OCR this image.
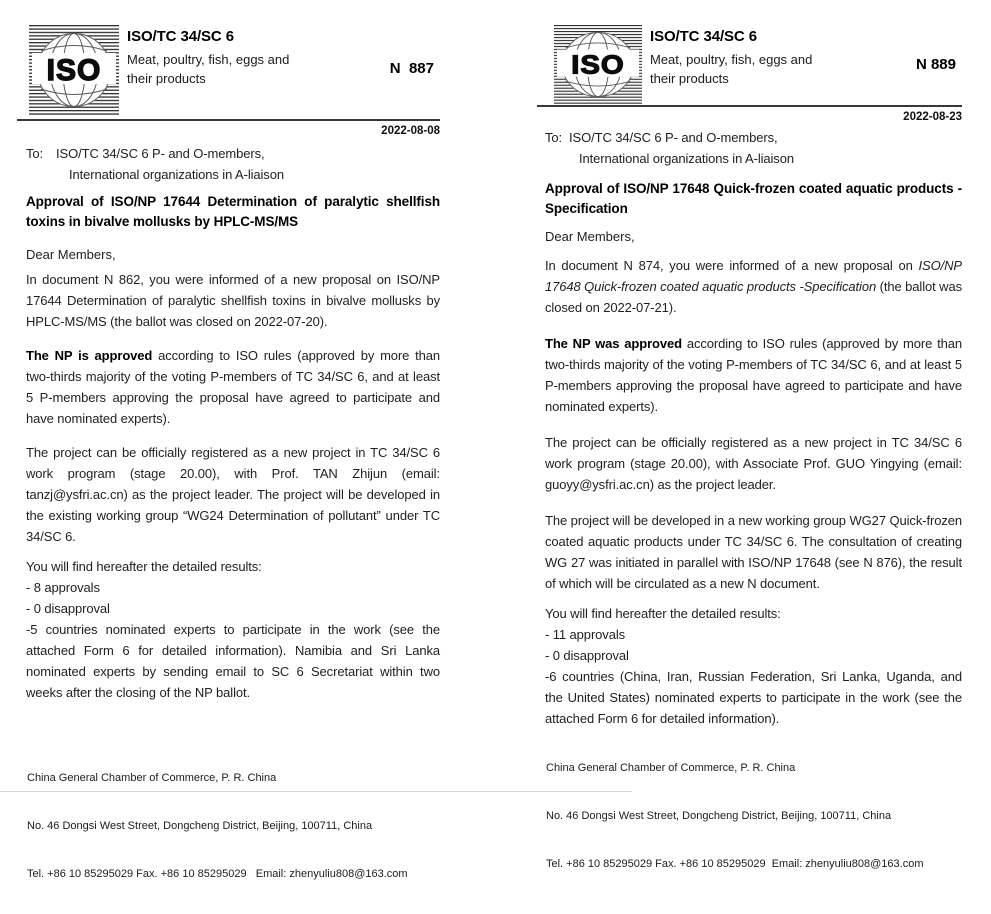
ISO
ISO/TC 34/SC 6
Meat, poultry, fish, eggs and
their products
N  887
2022-08-08
To: ISO/TC 34/SC 6 P- and O-members,
International organizations in A-liaison
Approval of ISO/NP 17644 Determination of paralytic shellfish toxins in bivalve mollusks by HPLC-MS/MS
Dear Members,

In document N 862, you were informed of a new proposal on ISO/NP 17644 Determination of paralytic shellfish toxins in bivalve mollusks by HPLC-MS/MS (the ballot was closed on 2022-07-20).

The NP is approved according to ISO rules (approved by more than two-thirds majority of the voting P-members of TC 34/SC 6, and at least 5 P-members approving the proposal have agreed to participate and have nominated experts).

The project can be officially registered as a new project in TC 34/SC 6 work program (stage 20.00), with Prof. TAN Zhijun (email: tanzj@ysfri.ac.cn) as the project leader. The project will be developed in the existing working group “WG24 Determination of pollutant” under TC 34/SC 6.

You will find hereafter the detailed results:
- 8 approvals
- 0 disapproval
-5 countries nominated experts to participate in the work (see the attached Form 6 for detailed information). Namibia and Sri Lanka nominated experts by sending email to SC 6 Secretariat within two weeks after the closing of the NP ballot.

China General Chamber of Commerce, P. R. China

No. 46 Dongsi West Street, Dongcheng District, Beijing, 100711, China

Tel. +86 10 85295029 Fax. +86 10 85295029   Email: zhenyuliu808@163.com

ISO
ISO/TC 34/SC 6
Meat, poultry, fish, eggs and
their products
N 889
2022-08-23
To: ISO/TC 34/SC 6 P- and O-members,
International organizations in A-liaison
Approval of ISO/NP 17648 Quick-frozen coated aquatic products - Specification
Dear Members,

In document N 874, you were informed of a new proposal on ISO/NP 17648 Quick-frozen coated aquatic products -Specification (the ballot was closed on 2022-07-21).

The NP was approved according to ISO rules (approved by more than two-thirds majority of the voting P-members of TC 34/SC 6, and at least 5 P-members approving the proposal have agreed to participate and have nominated experts).

The project can be officially registered as a new project in TC 34/SC 6 work program (stage 20.00), with Associate Prof. GUO Yingying (email: guoyy@ysfri.ac.cn) as the project leader.

The project will be developed in a new working group WG27 Quick-frozen coated aquatic products under TC 34/SC 6. The consultation of creating WG 27 was initiated in parallel with ISO/NP 17648 (see N 876), the result of which will be circulated as a new N document.

You will find hereafter the detailed results:
- 11 approvals
- 0 disapproval
-6 countries (China, Iran, Russian Federation, Sri Lanka, Uganda, and the United States) nominated experts to participate in the work (see the attached Form 6 for detailed information).

China General Chamber of Commerce, P. R. China

No. 46 Dongsi West Street, Dongcheng District, Beijing, 100711, China

Tel. +86 10 85295029 Fax. +86 10 85295029  Email: zhenyuliu808@163.com
